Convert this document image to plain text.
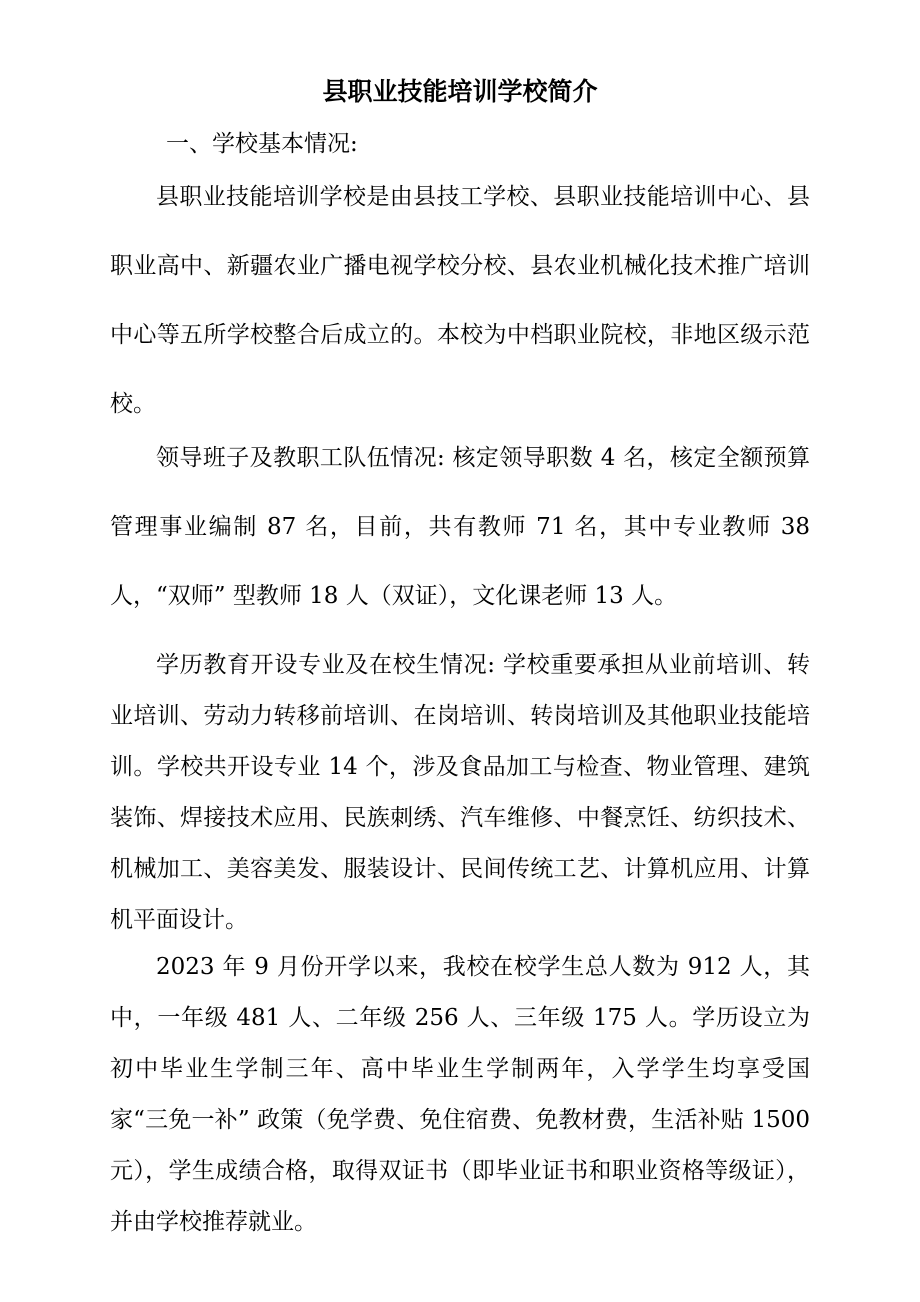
县职业技能培训学校简介

一、学校基本情况:

县职业技能培训学校是由县技工学校、县职业技能培训中心、县职业高中、新疆农业广播电视学校分校、县农业机械化技术推广培训中心等五所学校整合后成立的。本校为中档职业院校，非地区级示范校。

领导班子及教职工队伍情况: 核定领导职数 4 名，核定全额预算管理事业编制 87 名，目前，共有教师 71 名，其中专业教师 38 人，“双师” 型教师 18 人（双证），文化课老师 13 人。

学历教育开设专业及在校生情况: 学校重要承担从业前培训、转业培训、劳动力转移前培训、在岗培训、转岗培训及其他职业技能培训。学校共开设专业 14 个，涉及食品加工与检查、物业管理、建筑装饰、焊接技术应用、民族刺绣、汽车维修、中餐烹饪、纺织技术、机械加工、美容美发、服装设计、民间传统工艺、计算机应用、计算机平面设计。

2023 年 9 月份开学以来，我校在校学生总人数为 912 人，其中，一年级 481 人、二年级 256 人、三年级 175 人。学历设立为初中毕业生学制三年、高中毕业生学制两年，入学学生均享受国家“三免一补” 政策（免学费、免住宿费、免教材费，生活补贴 1500 元），学生成绩合格，取得双证书（即毕业证书和职业资格等级证），并由学校推荐就业。
